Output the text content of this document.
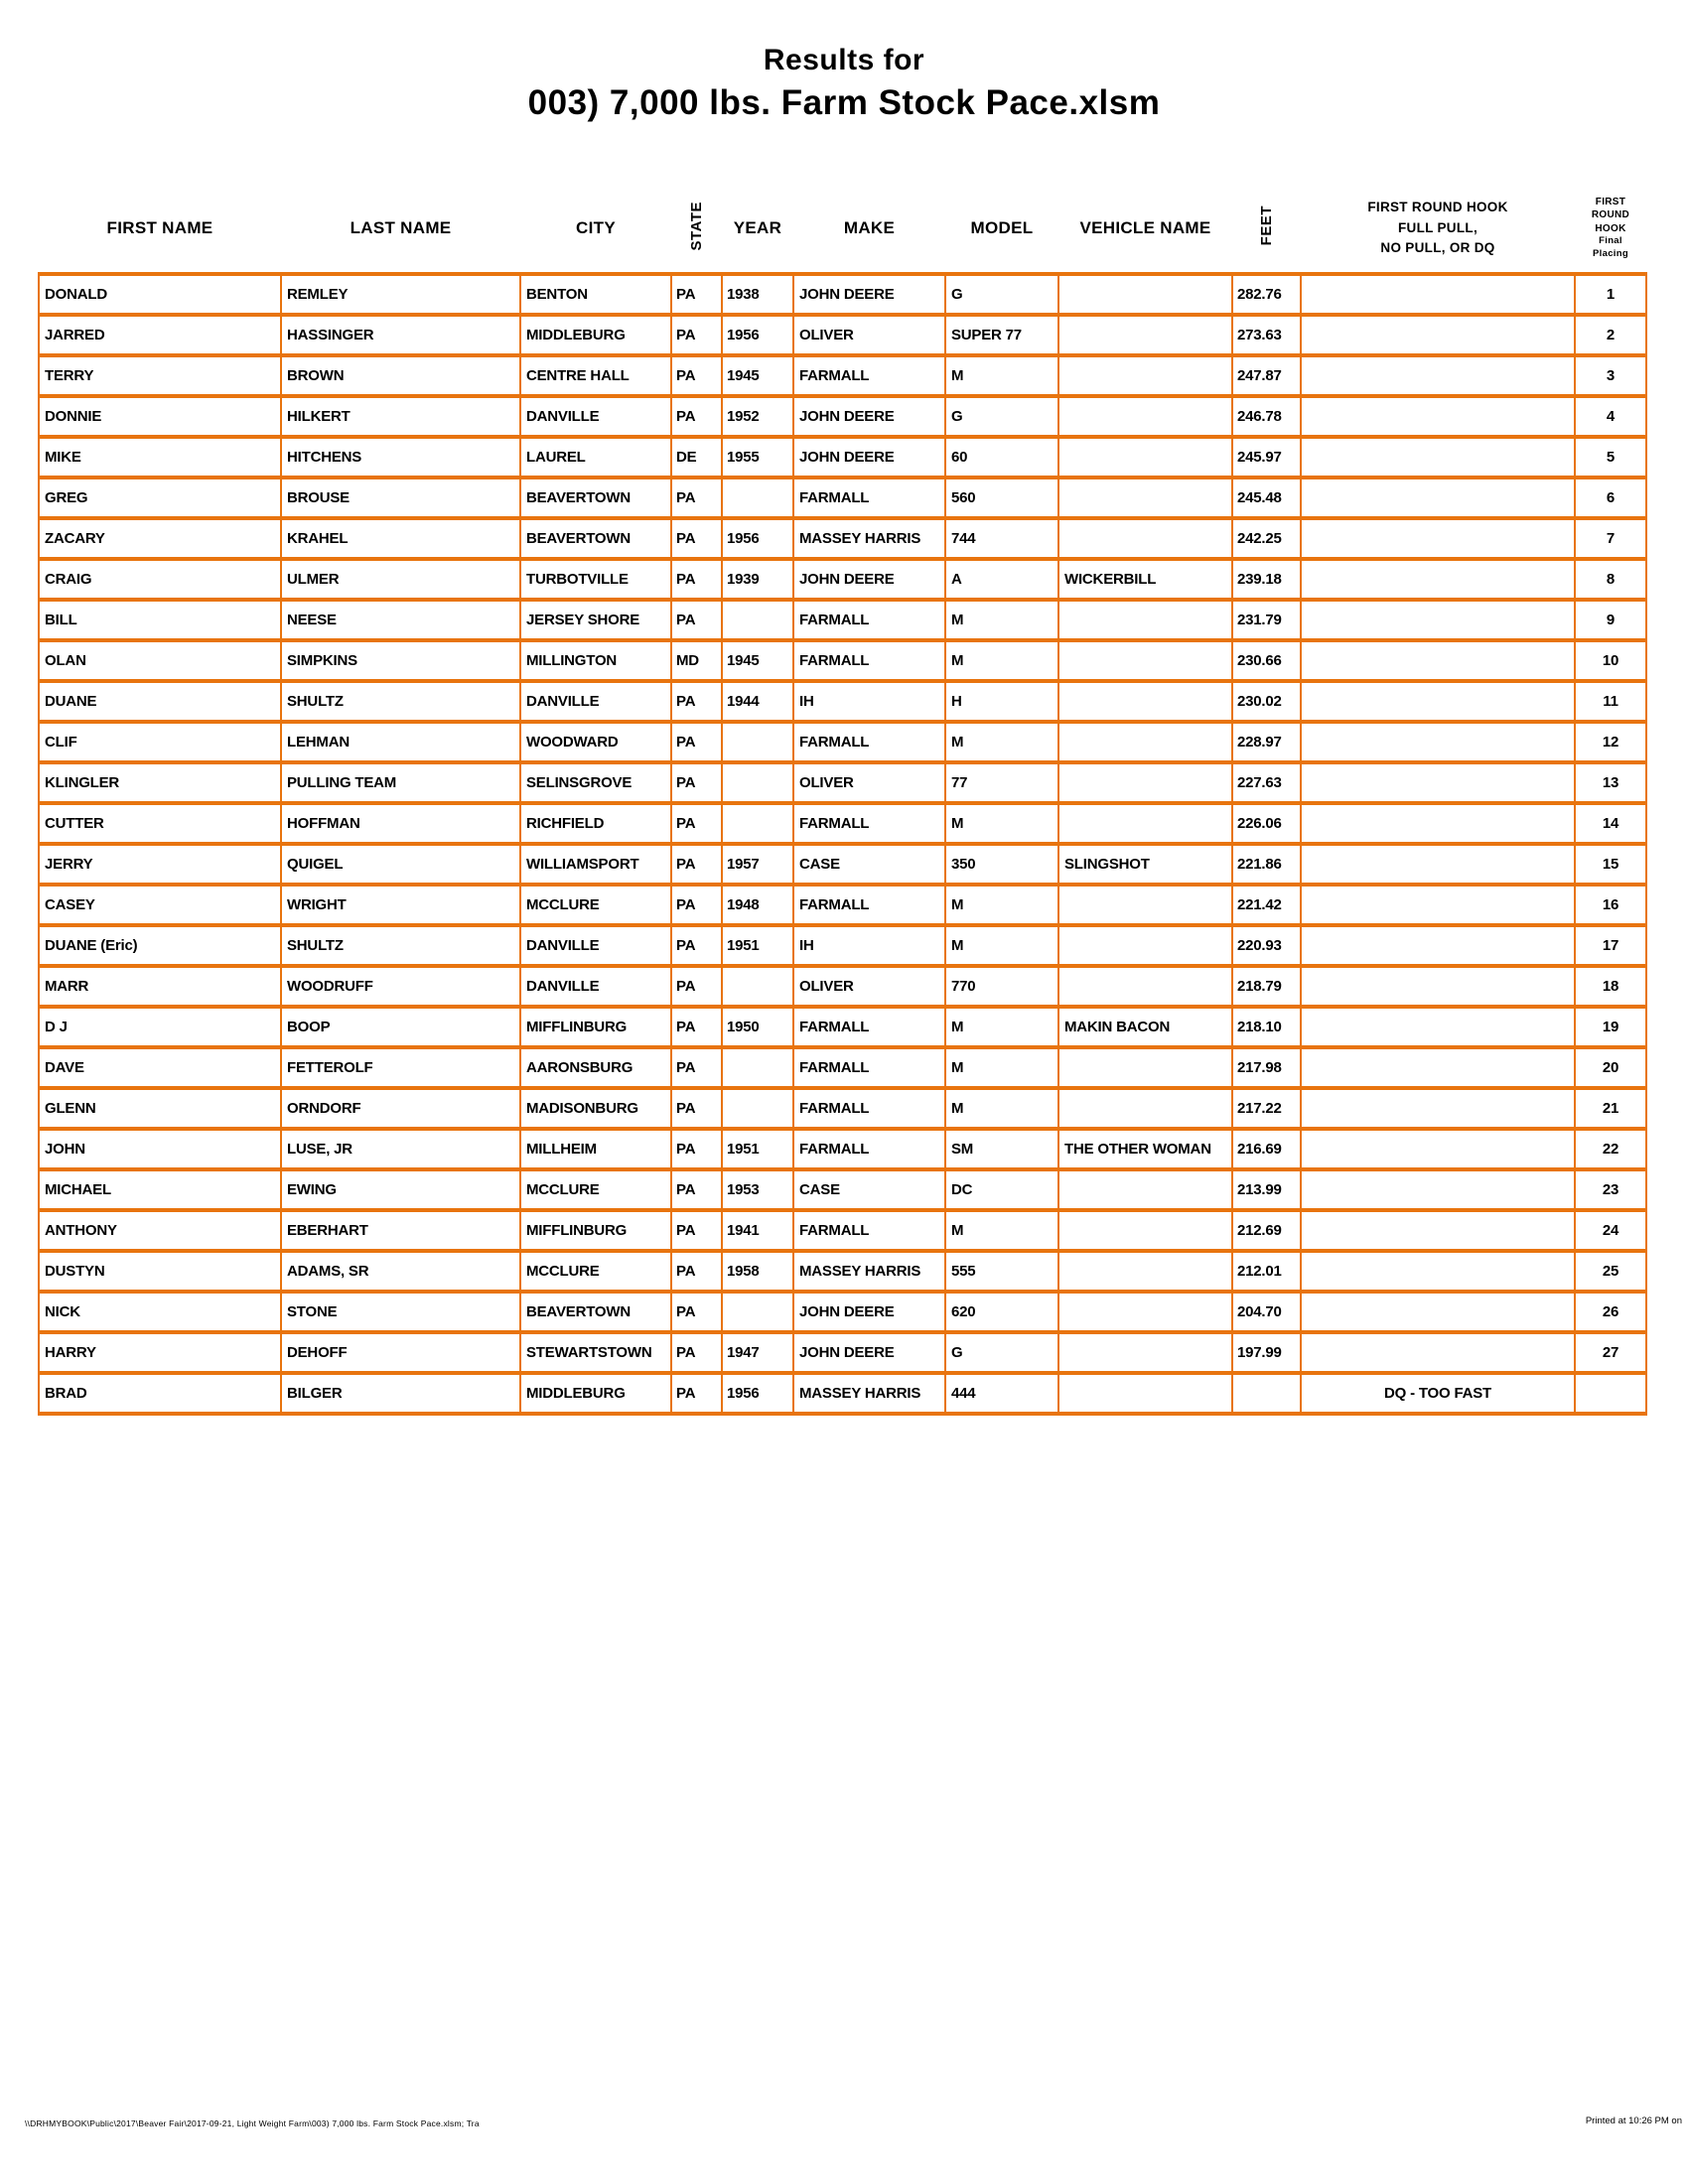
Results for
003) 7,000 lbs. Farm Stock Pace.xlsm
FIRST NAME	LAST NAME	CITY	STATE	YEAR	MAKE	MODEL	VEHICLE NAME	FEET	FIRST ROUND HOOK
FULL PULL,
NO PULL, OR DQ

FIRST
ROUND
HOOK
Final
Placing

DONALD	REMLEY	BENTON	PA	1938	JOHN DEERE	G		282.76		1
JARRED	HASSINGER	MIDDLEBURG	PA	1956	OLIVER	SUPER 77		273.63		2
TERRY	BROWN	CENTRE HALL	PA	1945	FARMALL	M		247.87		3
DONNIE	HILKERT	DANVILLE	PA	1952	JOHN DEERE	G		246.78		4
MIKE	HITCHENS	LAUREL	DE	1955	JOHN DEERE	60		245.97		5
GREG	BROUSE	BEAVERTOWN	PA		FARMALL	560		245.48		6
ZACARY	KRAHEL	BEAVERTOWN	PA	1956	MASSEY HARRIS	744		242.25		7
CRAIG	ULMER	TURBOTVILLE	PA	1939	JOHN DEERE	A	WICKERBILL	239.18		8
BILL	NEESE	JERSEY SHORE	PA		FARMALL	M		231.79		9
OLAN	SIMPKINS	MILLINGTON	MD	1945	FARMALL	M		230.66		10
DUANE	SHULTZ	DANVILLE	PA	1944	IH	H		230.02		11
CLIF	LEHMAN	WOODWARD	PA		FARMALL	M		228.97		12
KLINGLER	PULLING TEAM	SELINSGROVE	PA		OLIVER	77		227.63		13
CUTTER	HOFFMAN	RICHFIELD	PA		FARMALL	M		226.06		14
JERRY	QUIGEL	WILLIAMSPORT	PA	1957	CASE	350	SLINGSHOT	221.86		15
CASEY	WRIGHT	MCCLURE	PA	1948	FARMALL	M		221.42		16
DUANE (Eric)	SHULTZ	DANVILLE	PA	1951	IH	M		220.93		17
MARR	WOODRUFF	DANVILLE	PA		OLIVER	770		218.79		18
D J	BOOP	MIFFLINBURG	PA	1950	FARMALL	M	MAKIN BACON	218.10		19
DAVE	FETTEROLF	AARONSBURG	PA		FARMALL	M		217.98		20
GLENN	ORNDORF	MADISONBURG	PA		FARMALL	M		217.22		21
JOHN	LUSE, JR	MILLHEIM	PA	1951	FARMALL	SM	THE OTHER WOMAN	216.69		22
MICHAEL	EWING	MCCLURE	PA	1953	CASE	DC		213.99		23
ANTHONY	EBERHART	MIFFLINBURG	PA	1941	FARMALL	M		212.69		24
DUSTYN	ADAMS, SR	MCCLURE	PA	1958	MASSEY HARRIS	555		212.01		25
NICK	STONE	BEAVERTOWN	PA		JOHN DEERE	620		204.70		26
HARRY	DEHOFF	STEWARTSTOWN	PA	1947	JOHN DEERE	G		197.99		27
BRAD	BILGER	MIDDLEBURG	PA	1956	MASSEY HARRIS	444			DQ - TOO FAST	
\\DRHMYBOOK\Public\2017\Beaver Fair\2017-09-21, Light Weight Farm\003) 7,000 lbs. Farm Stock Pace.xlsm; Tra	Printed at 10:26 PM on
